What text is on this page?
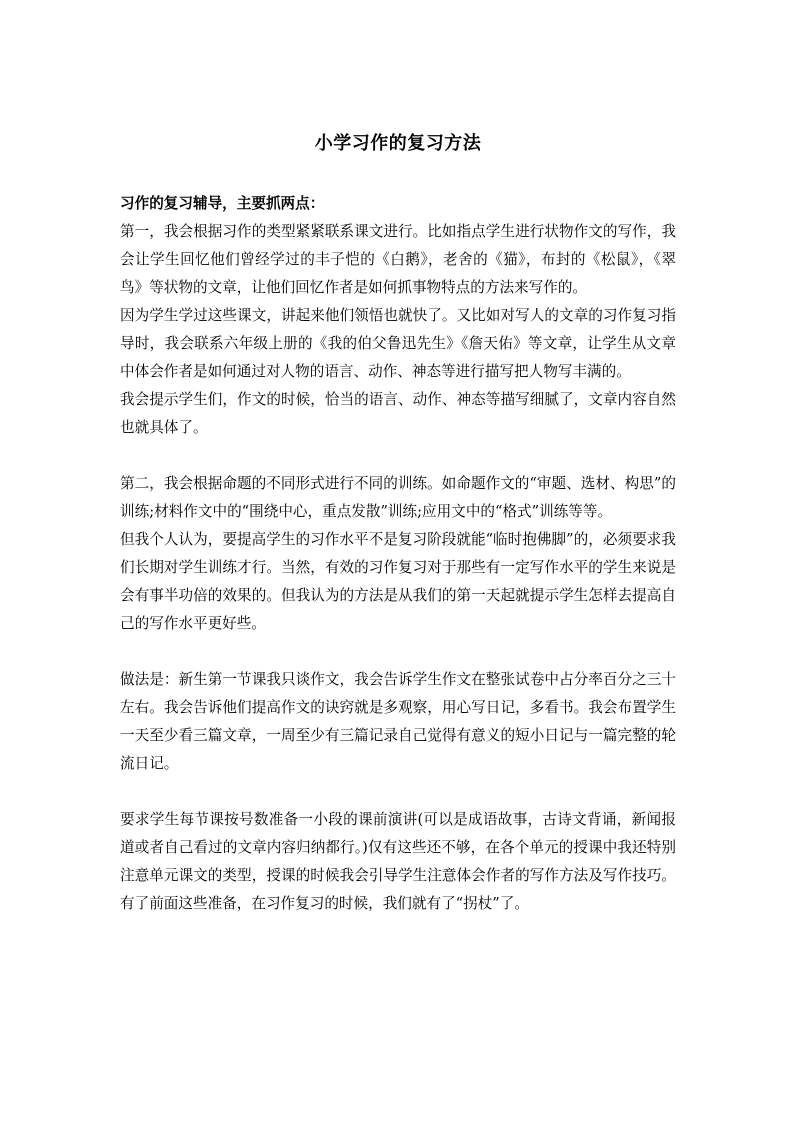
小学习作的复习方法

习作的复习辅导，主要抓两点：

第一，我会根据习作的类型紧紧联系课文进行。比如指点学生进行状物作文的写作，我会让学生回忆他们曾经学过的丰子恺的《白鹅》，老舍的《猫》，布封的《松鼠》，《翠鸟》等状物的文章，让他们回忆作者是如何抓事物特点的方法来写作的。

因为学生学过这些课文，讲起来他们领悟也就快了。又比如对写人的文章的习作复习指导时，我会联系六年级上册的《我的伯父鲁迅先生》《詹天佑》等文章，让学生从文章中体会作者是如何通过对人物的语言、动作、神态等进行描写把人物写丰满的。

我会提示学生们，作文的时候，恰当的语言、动作、神态等描写细腻了，文章内容自然也就具体了。

第二，我会根据命题的不同形式进行不同的训练。如命题作文的“审题、选材、构思”的训练;材料作文中的“围绕中心，重点发散”训练;应用文中的“格式”训练等等。

但我个人认为，要提高学生的习作水平不是复习阶段就能“临时抱佛脚”的，必须要求我们长期对学生训练才行。当然，有效的习作复习对于那些有一定写作水平的学生来说是会有事半功倍的效果的。但我认为的方法是从我们的第一天起就提示学生怎样去提高自己的写作水平更好些。

做法是：新生第一节课我只谈作文，我会告诉学生作文在整张试卷中占分率百分之三十左右。我会告诉他们提高作文的诀窍就是多观察，用心写日记，多看书。我会布置学生一天至少看三篇文章，一周至少有三篇记录自己觉得有意义的短小日记与一篇完整的轮流日记。

要求学生每节课按号数准备一小段的课前演讲(可以是成语故事，古诗文背诵，新闻报道或者自己看过的文章内容归纳都行。)仅有这些还不够，在各个单元的授课中我还特别注意单元课文的类型，授课的时候我会引导学生注意体会作者的写作方法及写作技巧。有了前面这些准备，在习作复习的时候，我们就有了“拐杖”了。
